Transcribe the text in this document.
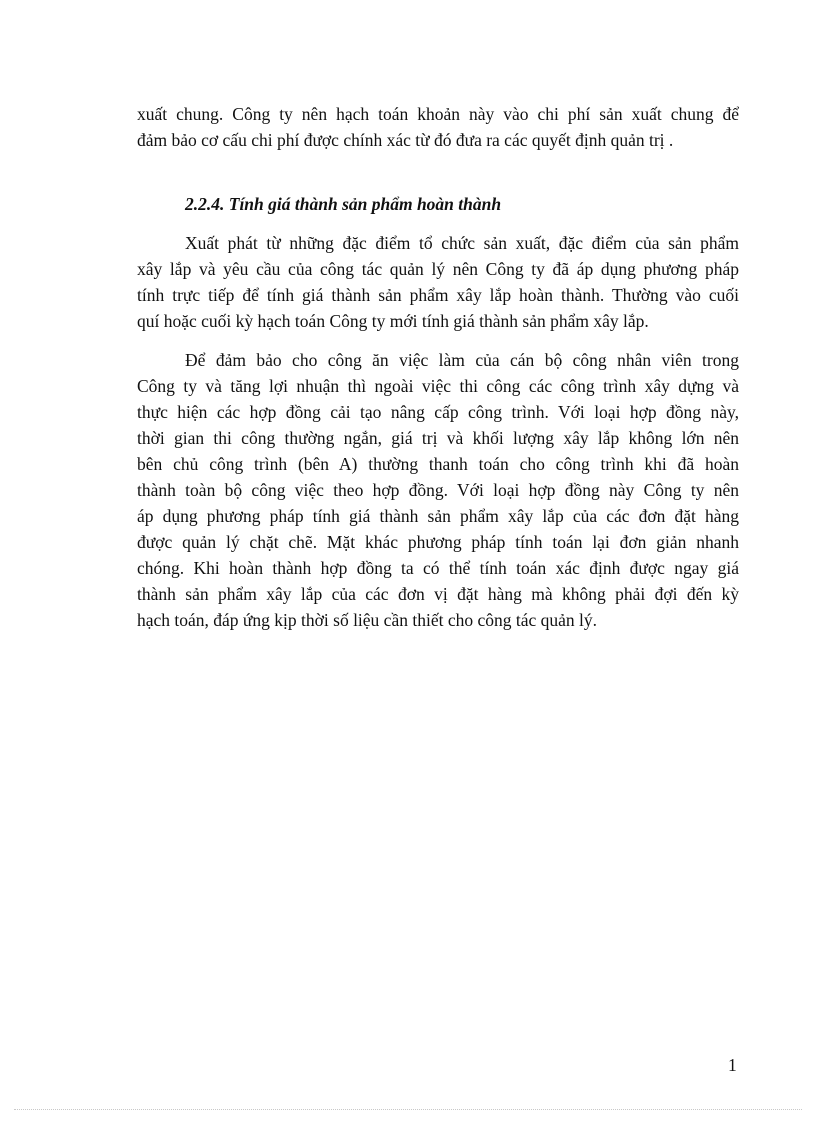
xuất chung. Công ty nên hạch toán khoản này vào chi phí sản xuất chung để
đảm bảo cơ cấu chi phí được chính xác từ đó đưa ra các quyết định quản trị .
2.2.4. Tính giá thành sản phẩm hoàn thành
Xuất phát từ những đặc điểm tổ chức sản xuất, đặc điểm của sản phẩm
xây lắp và yêu cầu của công tác quản lý nên Công ty đã áp dụng phương pháp
tính trực tiếp để tính giá thành sản phẩm xây lắp hoàn thành. Thường vào cuối
quí hoặc cuối kỳ hạch toán Công ty mới tính giá thành sản phẩm xây lắp.
Để đảm bảo cho công ăn việc làm của cán bộ công nhân viên trong
Công ty và tăng lợi nhuận thì ngoài việc thi công các công trình xây dựng và
thực hiện các hợp đồng cải tạo nâng cấp công trình. Với loại hợp đồng này,
thời gian thi công thường ngắn, giá trị và khối lượng xây lắp không lớn nên
bên chủ công trình (bên A) thường thanh toán cho công trình khi đã hoàn
thành toàn bộ công việc theo hợp đồng. Với loại hợp đồng này Công ty nên
áp dụng phương pháp tính giá thành sản phẩm xây lắp của các đơn đặt hàng
được quản lý chặt chẽ. Mặt khác phương pháp tính toán lại đơn giản nhanh
chóng. Khi hoàn thành hợp đồng ta có thể tính toán xác định được ngay giá
thành sản phẩm xây lắp của các đơn vị đặt hàng mà không phải đợi đến kỳ
hạch toán, đáp ứng kịp thời số liệu cần thiết cho công tác quản lý.
1
